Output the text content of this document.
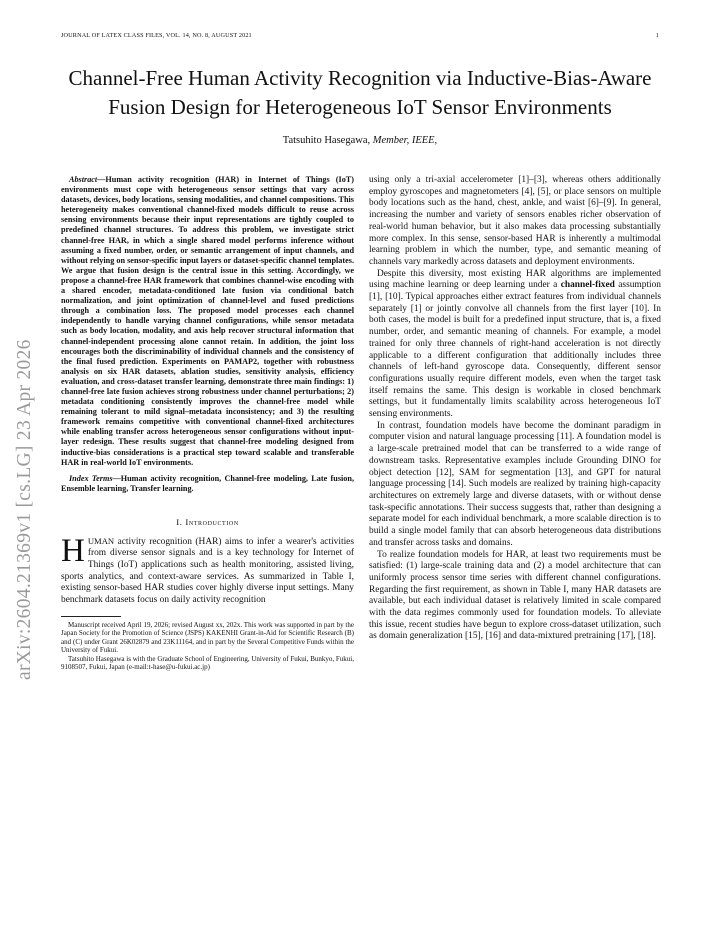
JOURNAL OF LATEX CLASS FILES, VOL. 14, NO. 8, AUGUST 2021	1
Channel-Free Human Activity Recognition via Inductive-Bias-Aware
Fusion Design for Heterogeneous IoT Sensor Environments
Tatsuhito Hasegawa, Member, IEEE,
arXiv:2604.21369v1 [cs.LG] 23 Apr 2026

Abstract—Human activity recognition (HAR) in Internet of Things (IoT) environments must cope with heterogeneous sensor settings that vary across datasets, devices, body locations, sensing modalities, and channel compositions. This heterogeneity makes conventional channel-fixed models difficult to reuse across sensing environments because their input representations are tightly coupled to predefined channel structures. To address this problem, we investigate strict channel-free HAR, in which a single shared model performs inference without assuming a fixed number, order, or semantic arrangement of input channels, and without relying on sensor-specific input layers or dataset-specific channel templates. We argue that fusion design is the central issue in this setting. Accordingly, we propose a channel-free HAR framework that combines channel-wise encoding with a shared encoder, metadata-conditioned late fusion via conditional batch normalization, and joint optimization of channel-level and fused predictions through a combination loss. The proposed model processes each channel independently to handle varying channel configurations, while sensor metadata such as body location, modality, and axis help recover structural information that channel-independent processing alone cannot retain. In addition, the joint loss encourages both the discriminability of individual channels and the consistency of the final fused prediction. Experiments on PAMAP2, together with robustness analysis on six HAR datasets, ablation studies, sensitivity analysis, efficiency evaluation, and cross-dataset transfer learning, demonstrate three main findings: 1) channel-free late fusion achieves strong robustness under channel perturbations; 2) metadata conditioning consistently improves the channel-free model while remaining tolerant to mild signal–metadata inconsistency; and 3) the resulting framework remains competitive with conventional channel-fixed architectures while enabling transfer across heterogeneous sensor configurations without input-layer redesign. These results suggest that channel-free modeling designed from inductive-bias considerations is a practical step toward scalable and transferable HAR in real-world IoT environments.

Index Terms—Human activity recognition, Channel-free modeling, Late fusion, Ensemble learning, Transfer learning.

I. Introduction

HUMAN activity recognition (HAR) aims to infer a wearer's activities from diverse sensor signals and is a key technology for Internet of Things (IoT) applications such as health monitoring, assisted living, sports analytics, and context-aware services. As summarized in Table I, existing sensor-based HAR studies cover highly diverse input settings. Many benchmark datasets focus on daily activity recognition

Manuscript received April 19, 2026; revised August xx, 202x. This work was supported in part by the Japan Society for the Promotion of Science (JSPS) KAKENHI Grant-in-Aid for Scientific Research (B) and (C) under Grant 26K02879 and 23K11164, and in part by the Several Competitive Funds within the University of Fukui.

Tatsuhito Hasegawa is with the Graduate School of Engineering, University of Fukui, Bunkyo, Fukui, 9108507, Fukui, Japan (e-mail:t-hase@u-fukui.ac.jp)

using only a tri-axial accelerometer [1]–[3], whereas others additionally employ gyroscopes and magnetometers [4], [5], or place sensors on multiple body locations such as the hand, chest, ankle, and waist [6]–[9]. In general, increasing the number and variety of sensors enables richer observation of real-world human behavior, but it also makes data processing substantially more complex. In this sense, sensor-based HAR is inherently a multimodal learning problem in which the number, type, and semantic meaning of channels vary markedly across datasets and deployment environments.

Despite this diversity, most existing HAR algorithms are implemented using machine learning or deep learning under a channel-fixed assumption [1], [10]. Typical approaches either extract features from individual channels separately [1] or jointly convolve all channels from the first layer [10]. In both cases, the model is built for a predefined input structure, that is, a fixed number, order, and semantic meaning of channels. For example, a model trained for only three channels of right-hand acceleration is not directly applicable to a different configuration that additionally includes three channels of left-hand gyroscope data. Consequently, different sensor configurations usually require different models, even when the target task itself remains the same. This design is workable in closed benchmark settings, but it fundamentally limits scalability across heterogeneous IoT sensing environments.

In contrast, foundation models have become the dominant paradigm in computer vision and natural language processing [11]. A foundation model is a large-scale pretrained model that can be transferred to a wide range of downstream tasks. Representative examples include Grounding DINO for object detection [12], SAM for segmentation [13], and GPT for natural language processing [14]. Such models are realized by training high-capacity architectures on extremely large and diverse datasets, with or without dense task-specific annotations. Their success suggests that, rather than designing a separate model for each individual benchmark, a more scalable direction is to build a single model family that can absorb heterogeneous data distributions and transfer across tasks and domains.

To realize foundation models for HAR, at least two requirements must be satisfied: (1) large-scale training data and (2) a model architecture that can uniformly process sensor time series with different channel configurations. Regarding the first requirement, as shown in Table I, many HAR datasets are available, but each individual dataset is relatively limited in scale compared with the data regimes commonly used for foundation models. To alleviate this issue, recent studies have begun to explore cross-dataset utilization, such as domain generalization [15], [16] and data-mixtured pretraining [17], [18].
